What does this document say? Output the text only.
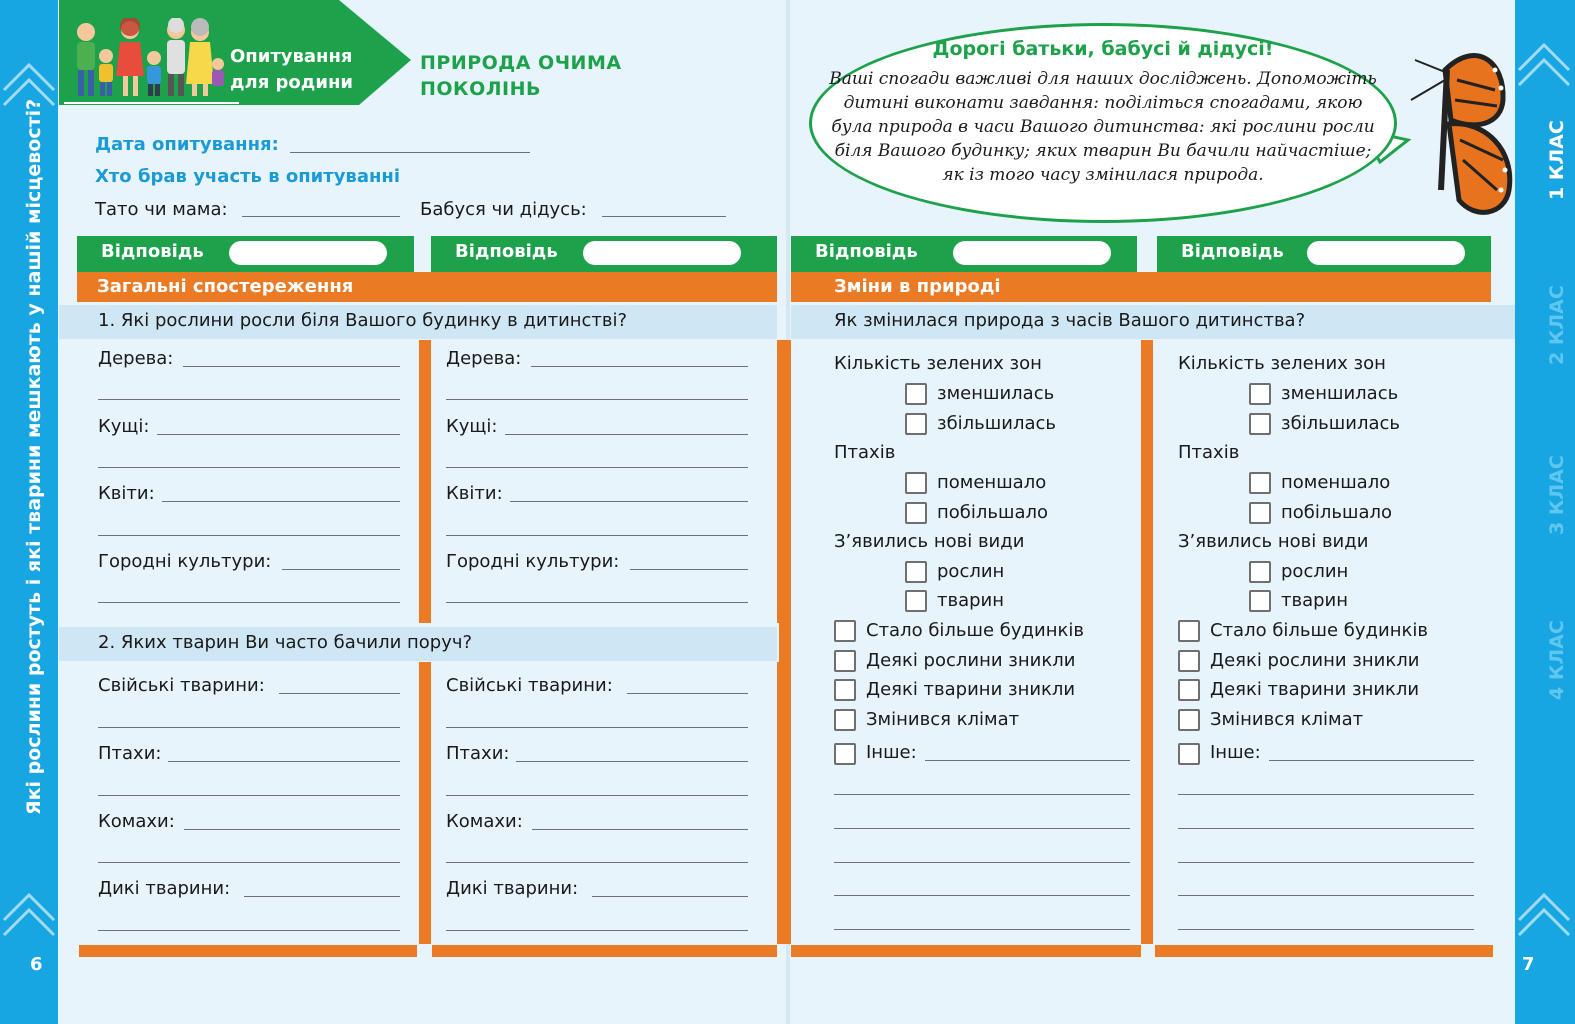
Які рослини ростуть і які тварини мешкають у нашій місцевості?
6	7
1 КЛАС
2 КЛАС
3 КЛАС
4 КЛАС
Опитування
для родини
ПРИРОДА ОЧИМА
ПОКОЛІНЬ
Дата опитування:
Хто брав участь в опитуванні
Тато чи мама:	Бабуся чи дідусь:
Дорогі батьки, бабусі й дідусі!
Ваші спогади важливі для наших досліджень. Допоможіть дитині виконати завдання: поділіться спогадами, якою була природа в часи Вашого дитинства: які рослини росли біля Вашого будинку; яких тварин Ви бачили найчастіше; як із того часу змінилася природа.
Відповідь	Відповідь
Загальні спостереження
1. Які рослини росли біля Вашого будинку в дитинстві?
Дерева:
Кущі:
Квіти:
Городні культури:
Дерева:
Кущі:
Квіти:
Городні культури:
2. Яких тварин Ви часто бачили поруч?
Свійські тварини:
Птахи:
Комахи:
Дикі тварини:
Свійські тварини:
Птахи:
Комахи:
Дикі тварини:
Відповідь	Відповідь
Зміни в природі
Як змінилася природа з часів Вашого дитинства?
Кількість зелених зон
зменшилась
збільшилась
Птахів
поменшало
побільшало
З’явились нові види
рослин
тварин
Стало більше будинків
Деякі рослини зникли
Деякі тварини зникли
Змінився клімат
Інше:
Кількість зелених зон
зменшилась
збільшилась
Птахів
поменшало
побільшало
З’явились нові види
рослин
тварин
Стало більше будинків
Деякі рослини зникли
Деякі тварини зникли
Змінився клімат
Інше:
